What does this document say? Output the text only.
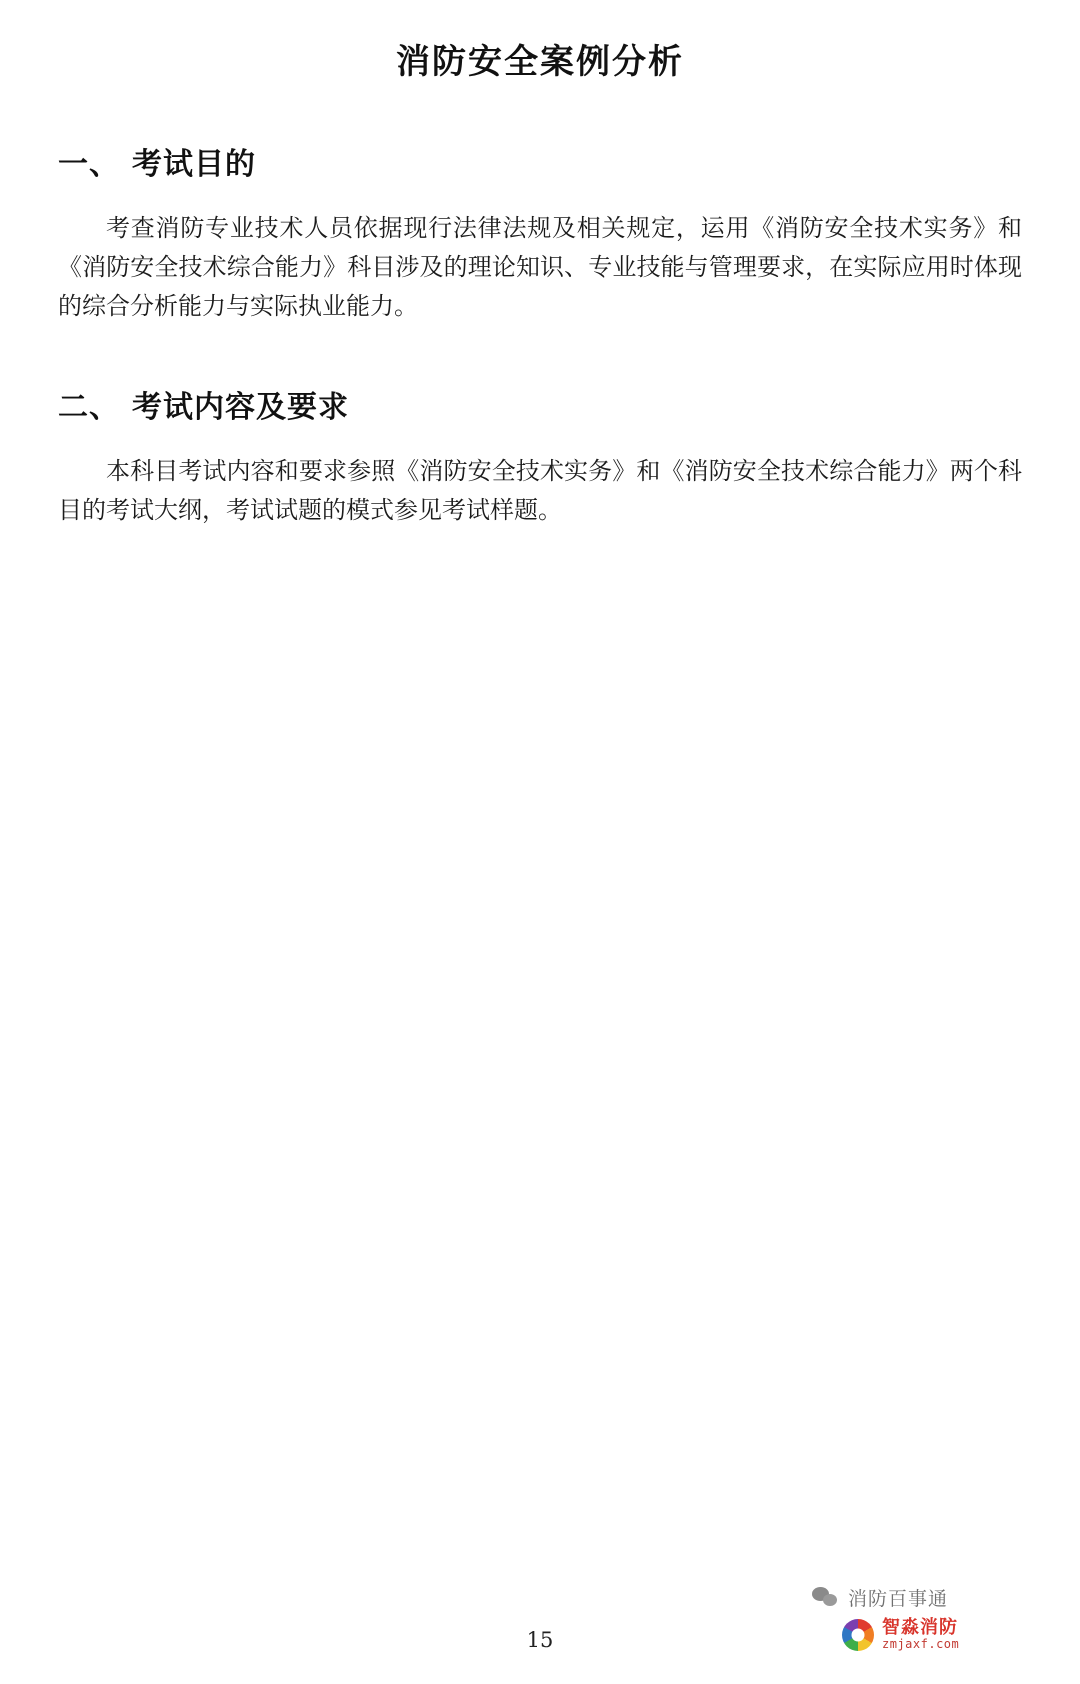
消防安全案例分析
一、 考试目的

考查消防专业技术人员依据现行法律法规及相关规定，运用《消防安全技术实务》和《消防安全技术综合能力》科目涉及的理论知识、专业技能与管理要求，在实际应用时体现的综合分析能力与实际执业能力。

二、 考试内容及要求

本科目考试内容和要求参照《消防安全技术实务》和《消防安全技术综合能力》两个科目的考试大纲，考试试题的模式参见考试样题。

15
消防百事通
智淼消防
zmjaxf.com
